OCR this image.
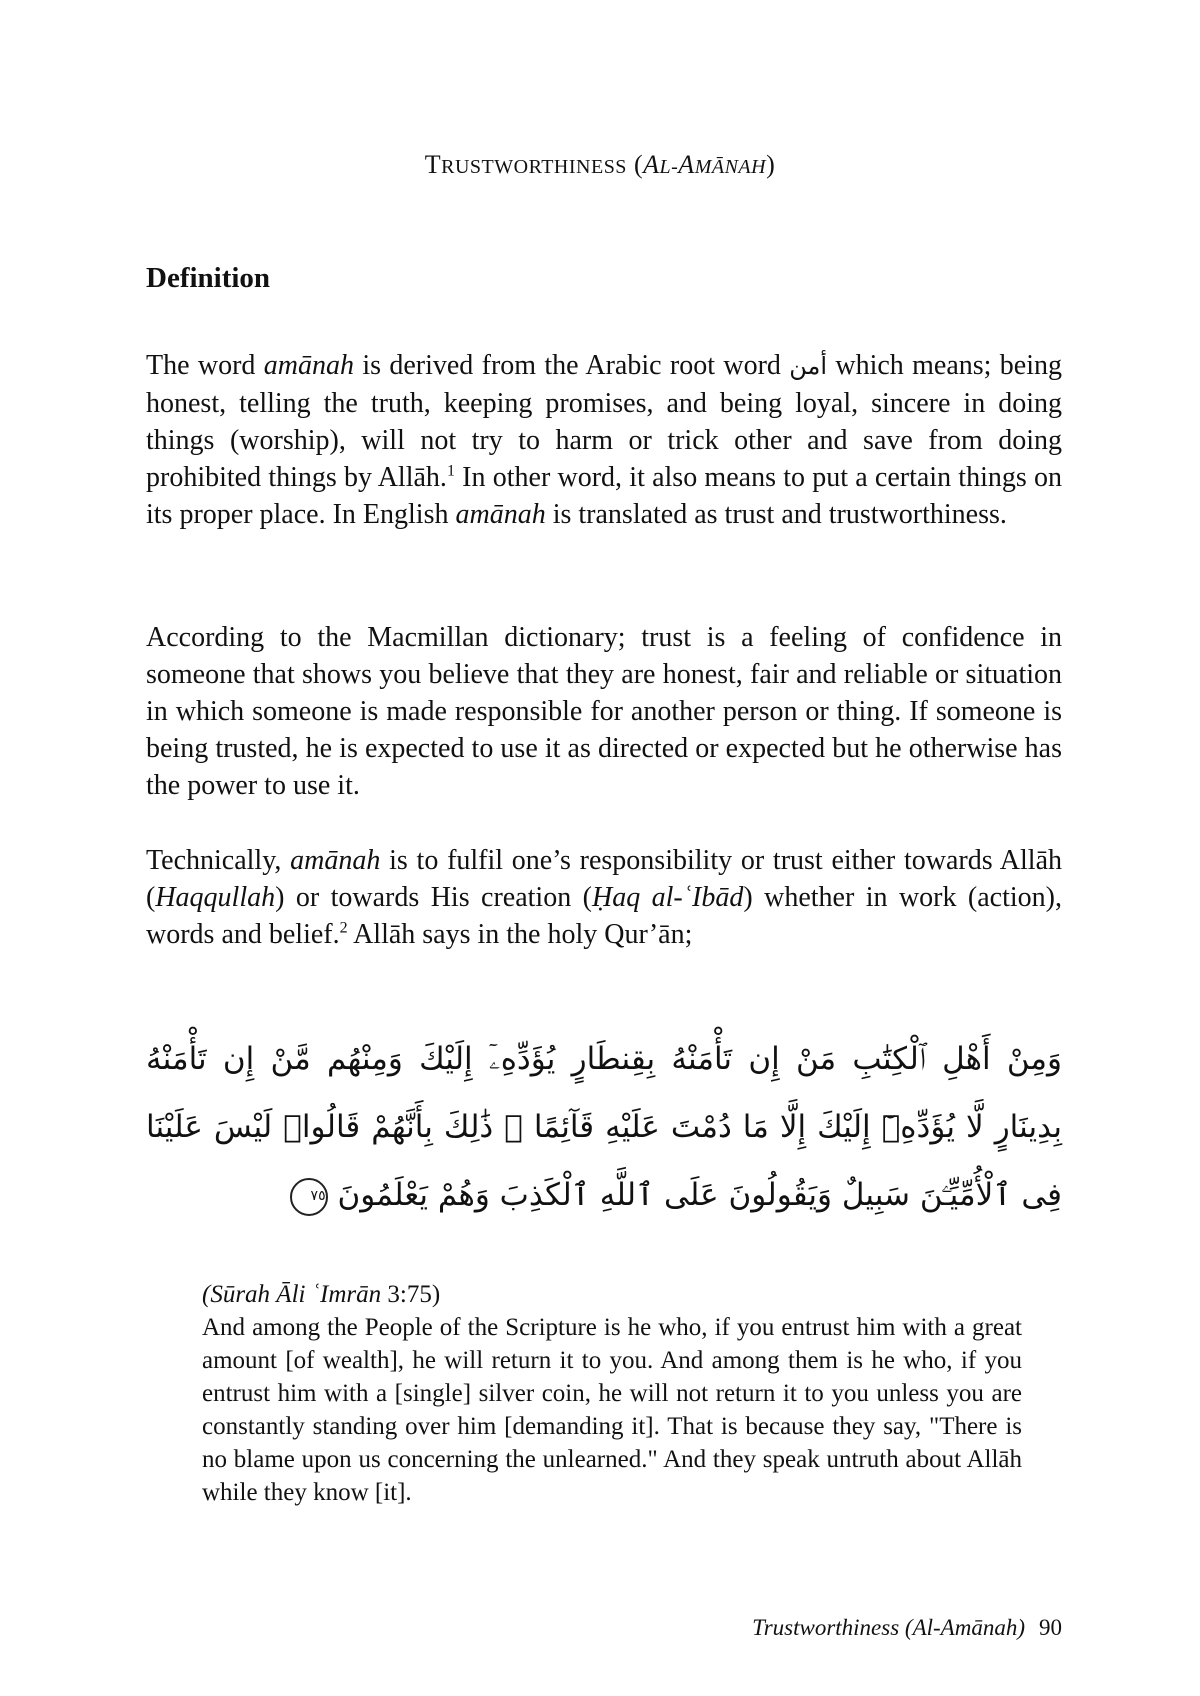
TRUSTWORTHINESS (AL-AMĀNAH)
Definition

The word amānah is derived from the Arabic root word أمن which means; being honest, telling the truth, keeping promises, and being loyal, sincere in doing things (worship), will not try to harm or trick other and save from doing prohibited things by Allāh.$^1$ In other word, it also means to put a certain things on its proper place. In English amānah is translated as trust and trustworthiness.

According to the Macmillan dictionary; trust is a feeling of confidence in someone that shows you believe that they are honest, fair and reliable or situation in which someone is made responsible for another person or thing. If someone is being trusted, he is expected to use it as directed or expected but he otherwise has the power to use it.

Technically, amānah is to fulfil one’s responsibility or trust either towards Allāh (Haqqullah) or towards His creation (Ḥaq al-ʿIbād) whether in work (action), words and belief.$^2$ Allāh says in the holy Qur’ān;

وَمِنْ أَهْلِ ٱلْكِتَٰبِ مَنْ إِن تَأْمَنْهُ بِقِنطَارٍ يُؤَدِّهِۦٓ إِلَيْكَ وَمِنْهُم مَّنْ إِن تَأْمَنْهُ
بِدِينَارٍ لَّا يُؤَدِّهِۦٓ إِلَيْكَ إِلَّا مَا دُمْتَ عَلَيْهِ قَآئِمًا ۗ ذَٰلِكَ بِأَنَّهُمْ قَالُوا۟ لَيْسَ عَلَيْنَا
فِى ٱلْأُمِّيِّـۧنَ سَبِيلٌ وَيَقُولُونَ عَلَى ٱللَّهِ ٱلْكَذِبَ وَهُمْ يَعْلَمُونَ ٧٥

(Sūrah Āli ʿImrān 3:75)

And among the People of the Scripture is he who, if you entrust him with a great amount [of wealth], he will return it to you. And among them is he who, if you entrust him with a [single] silver coin, he will not return it to you unless you are constantly standing over him [demanding it]. That is because they say, "There is no blame upon us concerning the unlearned." And they speak untruth about Allāh while they know [it].

Trustworthiness (Al-Amānah) 90
